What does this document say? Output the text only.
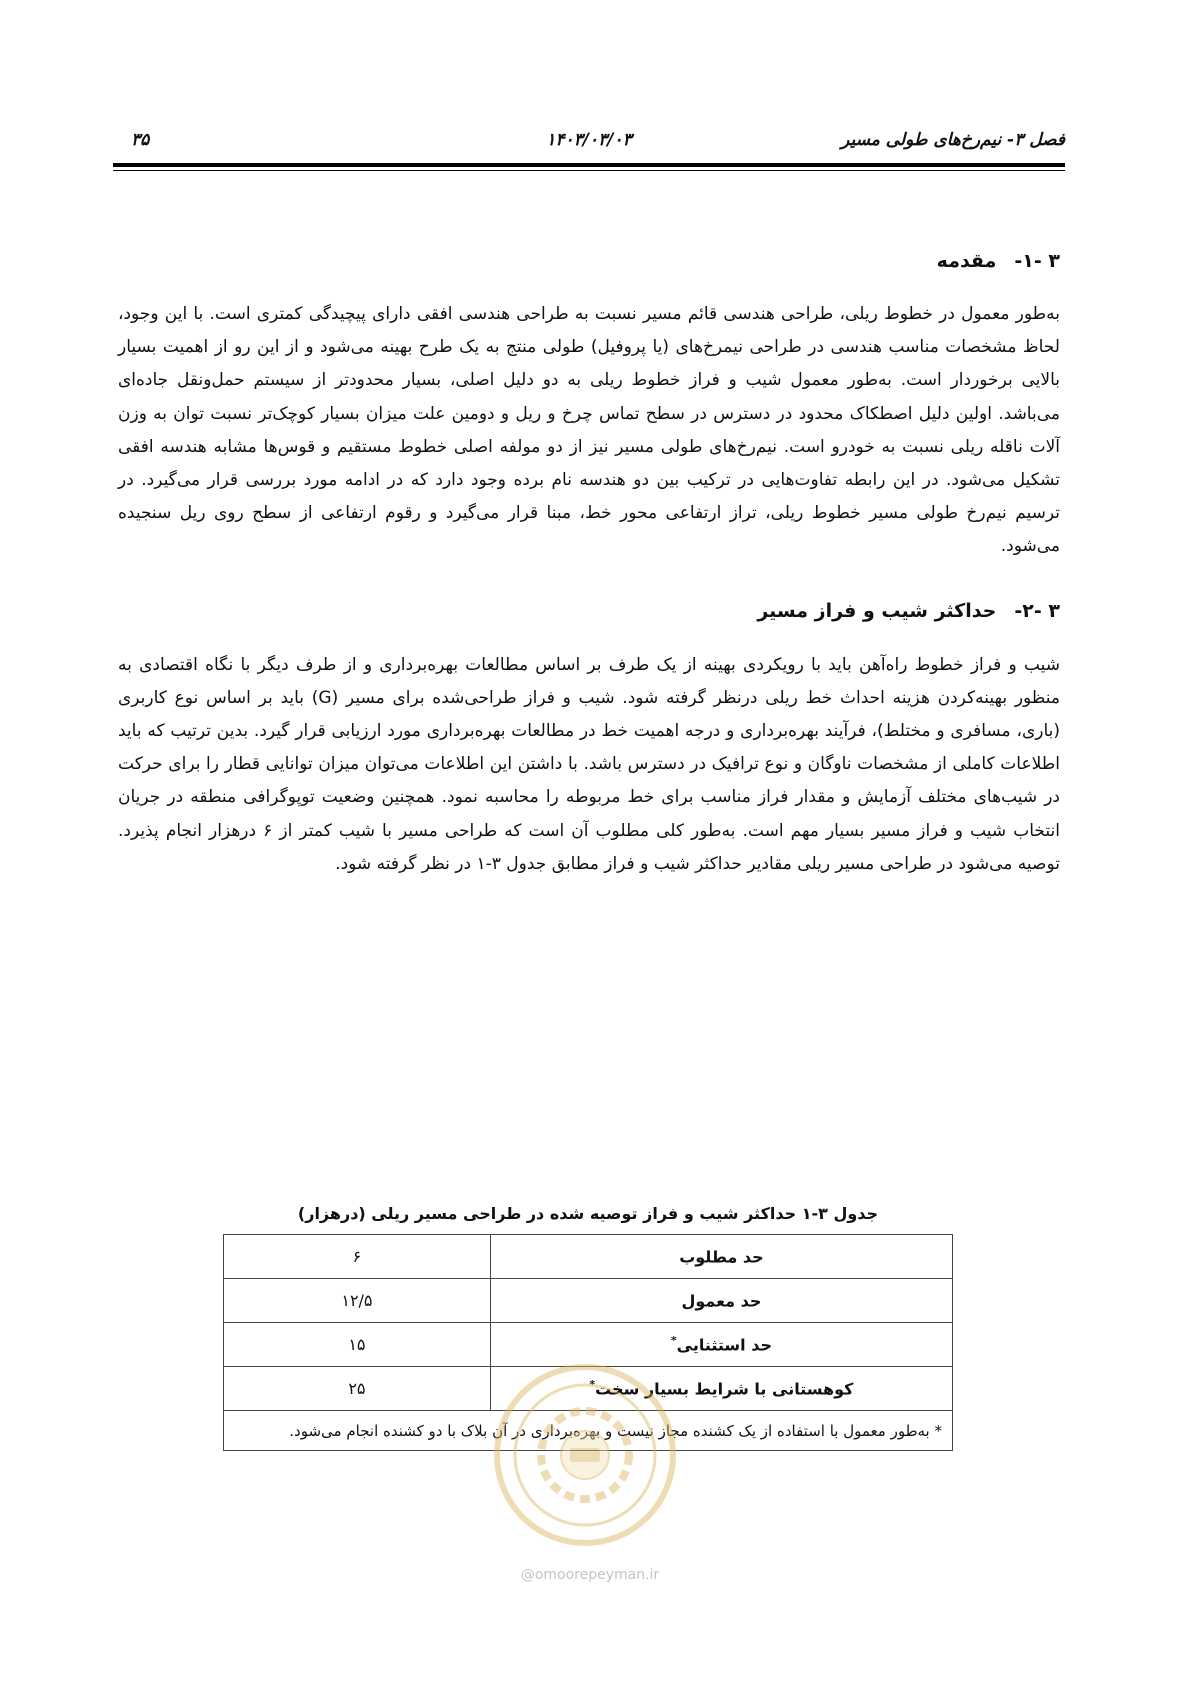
فصل ۳- نیم‌رخ‌های طولی مسیر
۱۴۰۳/۰۳/۰۳
۳۵
۳ -۱-مقدمه

به‌طور معمول در خطوط ریلی، طراحی هندسی قائم مسیر نسبت به طراحی هندسی افقی دارای پیچیدگی کمتری است. با این وجود، لحاظ مشخصات مناسب هندسی در طراحی نیمرخ‌های (یا پروفیل) طولی منتج به یک طرح بهینه می‌شود و از این رو از اهمیت بسیار بالایی برخوردار است. به‌طور معمول شیب و فراز خطوط ریلی به دو دلیل اصلی، بسیار محدودتر از سیستم حمل‌ونقل جاده‌ای می‌باشد. اولین دلیل اصطکاک محدود در دسترس در سطح تماس چرخ و ریل و دومین علت میزان بسیار کوچک‌تر نسبت توان به وزن آلات ناقله ریلی نسبت به خودرو است. نیم‌رخ‌های طولی مسیر نیز از دو مولفه اصلی خطوط مستقیم و قوس‌ها مشابه هندسه افقی تشکیل می‌شود. در این رابطه تفاوت‌هایی در ترکیب بین دو هندسه نام برده وجود دارد که در ادامه مورد بررسی قرار می‌گیرد. در ترسیم نیم‌رخ طولی مسیر خطوط ریلی، تراز ارتفاعی محور خط، مبنا قرار می‌گیرد و رقوم ارتفاعی از سطح روی ریل سنجیده می‌شود.

۳ -۲-حداکثر شیب و فراز مسیر

شیب و فراز خطوط راه‌آهن باید با رویکردی بهینه از یک طرف بر اساس مطالعات بهره‌برداری و از طرف دیگر با نگاه اقتصادی به منظور بهینه‌کردن هزینه احداث خط ریلی درنظر گرفته شود. شیب و فراز طراحی‌شده برای مسیر (G) باید بر اساس نوع کاربری (باری، مسافری و مختلط)، فرآیند بهره‌برداری و درجه اهمیت خط در مطالعات بهره‌برداری مورد ارزیابی قرار گیرد. بدین ترتیب که باید اطلاعات کاملی از مشخصات ناوگان و نوع ترافیک در دسترس باشد. با داشتن این اطلاعات می‌توان میزان توانایی قطار را برای حرکت در شیب‌های مختلف آزمایش و مقدار فراز مناسب برای خط مربوطه را محاسبه نمود. همچنین وضعیت توپوگرافی منطقه در جریان انتخاب شیب و فراز مسیر بسیار مهم است. به‌طور کلی مطلوب آن است که طراحی مسیر با شیب کمتر از ۶ درهزار انجام پذیرد. توصیه می‌شود در طراحی مسیر ریلی مقادیر حداکثر شیب و فراز مطابق جدول ۳-۱ در نظر گرفته شود.

جدول ۳-۱ حداکثر شیب و فراز توصیه شده در طراحی مسیر ریلی (درهزار)
حد مطلوب	۶
حد معمول	۱۲/۵
حد استثنایی*	۱۵
کوهستانی با شرایط بسیار سخت*	۲۵
* به‌طور معمول با استفاده از یک کشنده مجاز نیست و بهره‌برداری در آن بلاک با دو کشنده انجام می‌شود.	
@omoorepeyman.ir
